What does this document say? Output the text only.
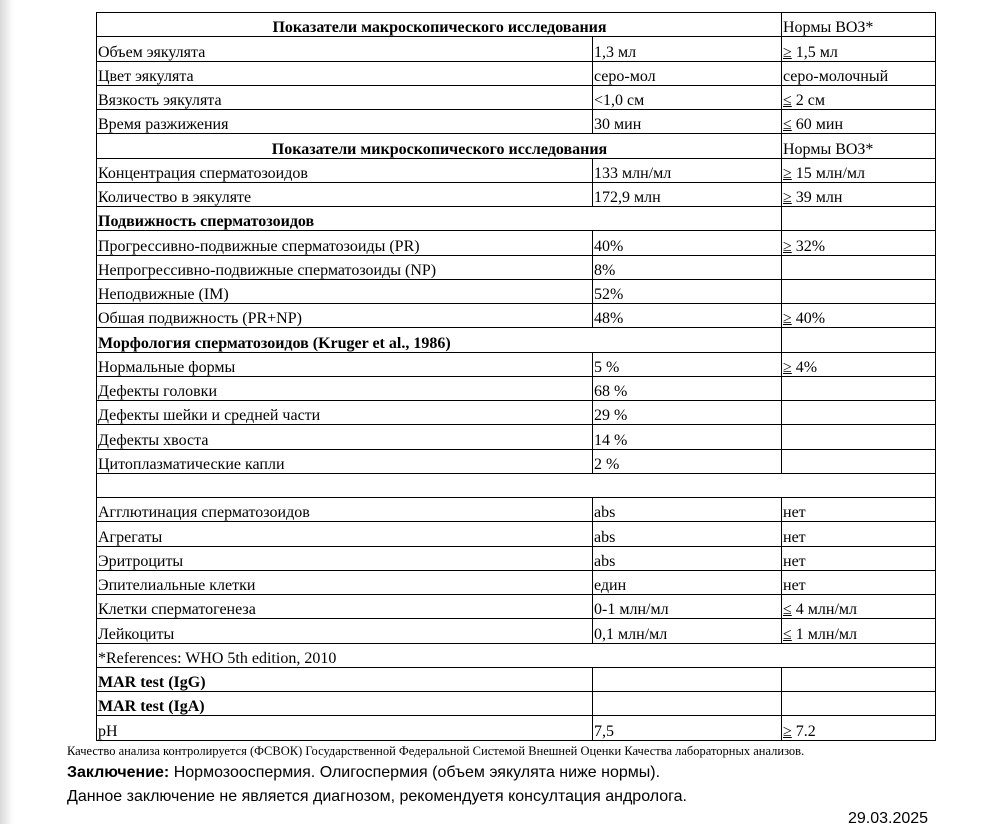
Показатели макроскопического исследования		Нормы ВОЗ*
Объем эякулята	1,3 мл	≥ 1,5 мл
Цвет эякулята	серо-мол	серо-молочный
Вязкость эякулята	<1,0 см	≤ 2 см
Время разжижения	30 мин	≤ 60 мин
Показатели микроскопического исследования		Нормы ВОЗ*
Концентрация сперматозоидов	133 млн/мл	≥ 15 млн/мл
Количество в эякуляте	172,9 млн	≥ 39 млн
Подвижность сперматозоидов		
Прогрессивно-подвижные сперматозоиды (PR)	40%	≥ 32%
Непрогрессивно-подвижные сперматозоиды (NP)	8%	
Неподвижные (IM)	52%	
Обшая подвижность (PR+NP)	48%	≥ 40%
Морфология сперматозоидов (Kruger et al., 1986)		
Нормальные формы	5 %	≥ 4%
Дефекты головки	68 %	
Дефекты шейки и средней части	29 %	
Дефекты хвоста	14 %	
Цитоплазматические капли	2 %	

Агглютинация сперматозоидов	abs	нет
Агрегаты	abs	нет
Эритроциты	abs	нет
Эпителиальные клетки	един	нет
Клетки сперматогенеза	0-1 млн/мл	≤ 4 млн/мл
Лейкоциты	0,1 млн/мл	≤ 1 млн/мл
*References: WHO 5th edition, 2010		
MAR test (IgG)		
MAR test (IgA)		
pH	7,5	≥ 7.2
Качество анализа контролируется (ФСВОК) Государственной Федеральной Системой Внешней Оценки Качества лабораторных анализов.
Заключение: Нормозооспермия. Олигоспермия (объем эякулята ниже нормы).
Данное заключение не является диагнозом, рекомендуетя консултация андролога.
29.03.2025
